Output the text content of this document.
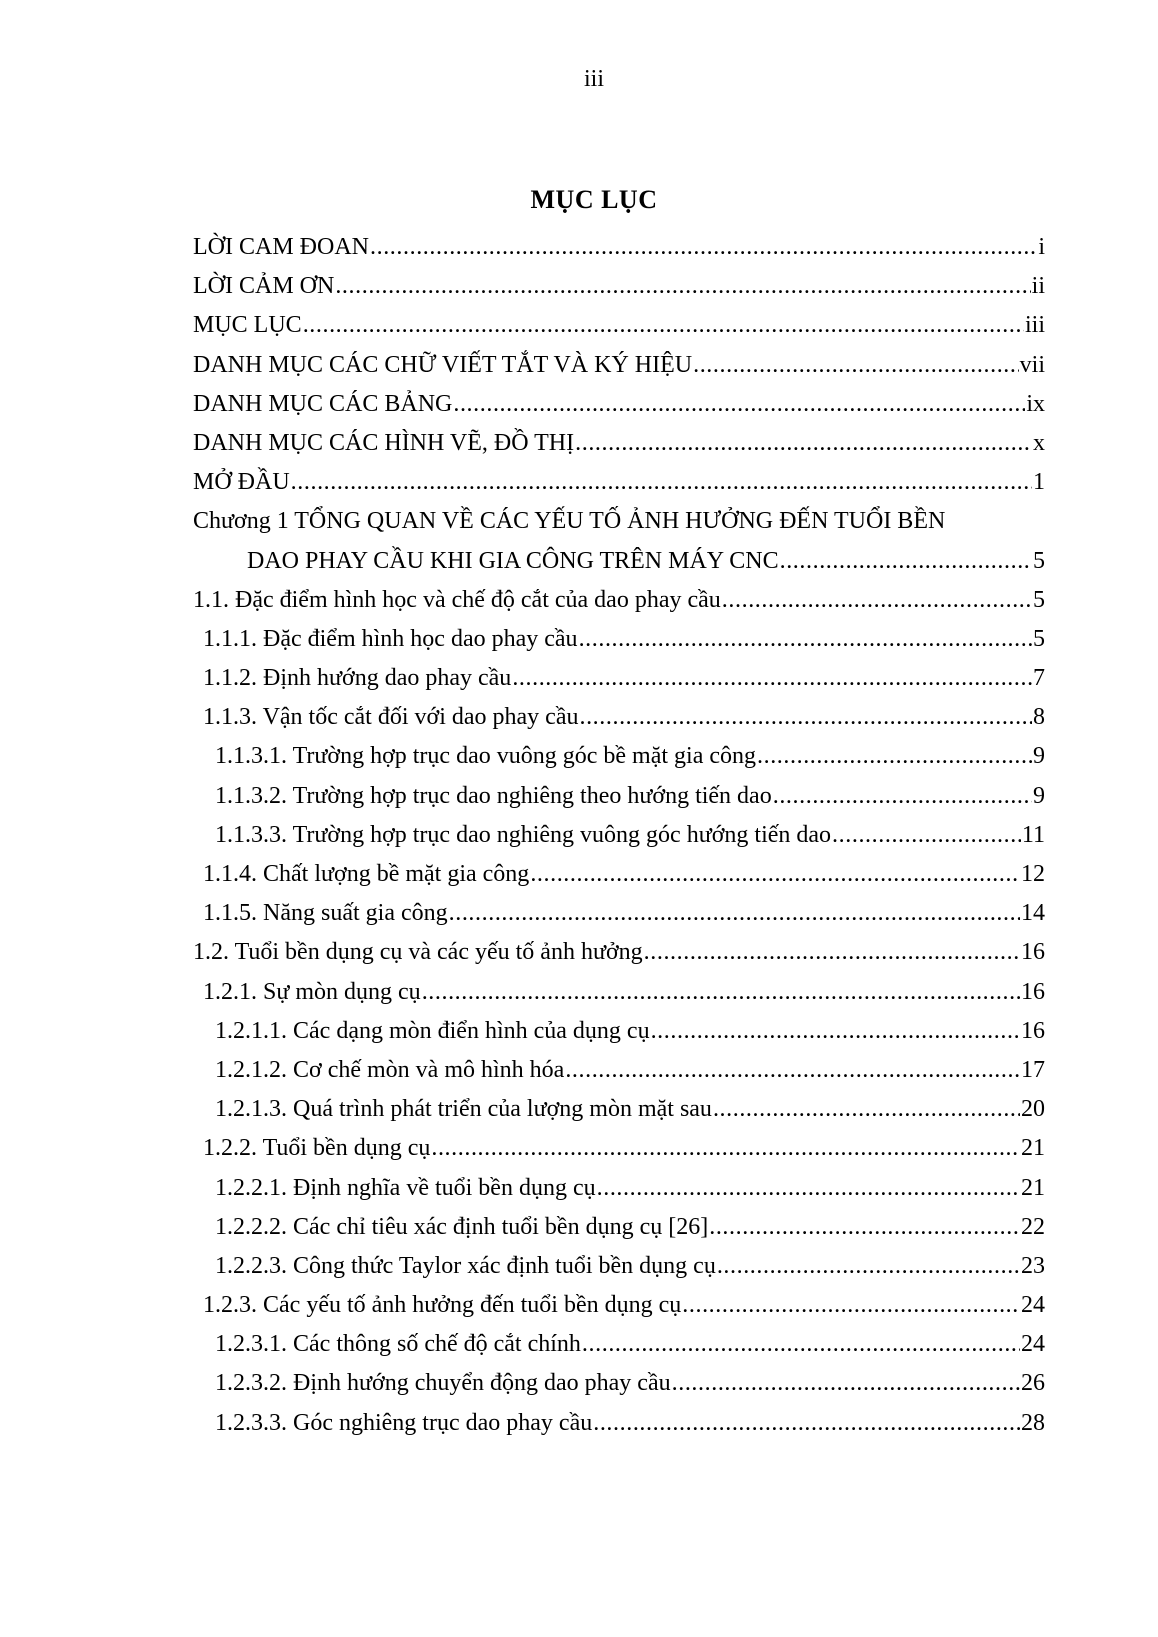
iii
MỤC LỤC
LỜI CAM ĐOAN .....	i
LỜI CẢM ƠN .....	ii
MỤC LỤC .....	iii
DANH MỤC CÁC CHỮ VIẾT TẮT VÀ KÝ HIỆU .....	vii
DANH MỤC CÁC BẢNG .....	ix
DANH MỤC CÁC HÌNH VẼ, ĐỒ THỊ .....	x
MỞ ĐẦU .....	1
Chương 1 TỔNG QUAN VỀ CÁC YẾU TỐ ẢNH HƯỞNG ĐẾN TUỔI BỀN
DAO PHAY CẦU KHI GIA CÔNG TRÊN MÁY CNC .....	5
1.1. Đặc điểm hình học và chế độ cắt của dao phay cầu .....	5
1.1.1. Đặc điểm hình học dao phay cầu .....	5
1.1.2. Định hướng dao phay cầu .....	7
1.1.3. Vận tốc cắt đối với dao phay cầu .....	8
1.1.3.1. Trường hợp trục dao vuông góc bề mặt gia công .....	9
1.1.3.2. Trường hợp trục dao nghiêng theo hướng tiến dao .....	9
1.1.3.3. Trường hợp trục dao nghiêng vuông góc hướng tiến dao .....	11
1.1.4. Chất lượng bề mặt gia công .....	12
1.1.5. Năng suất gia công .....	14
1.2. Tuổi bền dụng cụ và các yếu tố ảnh hưởng .....	16
1.2.1. Sự mòn dụng cụ .....	16
1.2.1.1. Các dạng mòn điển hình của dụng cụ .....	16
1.2.1.2. Cơ chế mòn và mô hình hóa .....	17
1.2.1.3. Quá trình phát triển của lượng mòn mặt sau .....	20
1.2.2. Tuổi bền dụng cụ .....	21
1.2.2.1. Định nghĩa về tuổi bền dụng cụ .....	21
1.2.2.2. Các chỉ tiêu xác định tuổi bền dụng cụ [26] .....	22
1.2.2.3. Công thức Taylor xác định tuổi bền dụng cụ .....	23
1.2.3. Các yếu tố ảnh hưởng đến tuổi bền dụng cụ .....	24
1.2.3.1. Các thông số chế độ cắt chính .....	24
1.2.3.2. Định hướng chuyển động dao phay cầu .....	26
1.2.3.3. Góc nghiêng trục dao phay cầu .....	28
